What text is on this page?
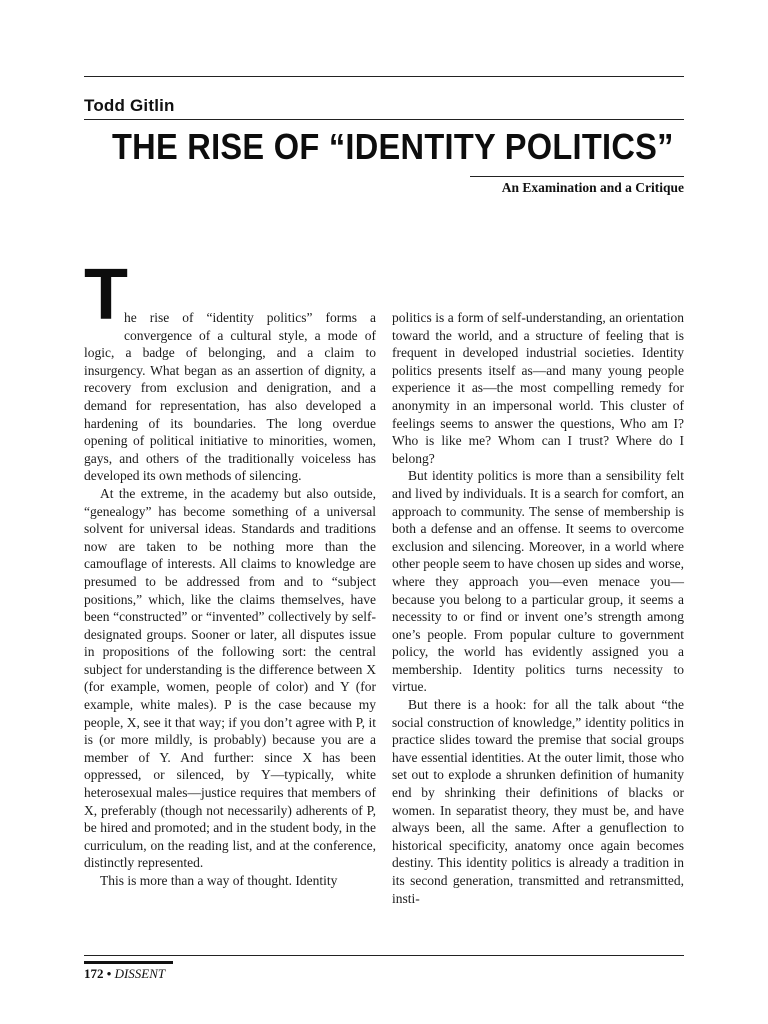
Todd Gitlin
THE RISE OF “IDENTITY POLITICS”
An Examination and a Critique
T

he rise of “identity politics” forms a convergence of a cultural style, a mode of logic, a badge of belonging, and a claim to insurgency. What began as an assertion of dignity, a recovery from exclusion and denigration, and a demand for representation, has also developed a hardening of its boundaries. The long overdue opening of political initiative to minorities, women, gays, and others of the traditionally voiceless has developed its own methods of silencing.

At the extreme, in the academy but also outside, “genealogy” has become something of a universal solvent for universal ideas. Standards and traditions now are taken to be nothing more than the camouflage of interests. All claims to knowledge are presumed to be addressed from and to “subject positions,” which, like the claims themselves, have been “constructed” or “invented” collectively by self-designated groups. Sooner or later, all disputes issue in propositions of the following sort: the central subject for understanding is the difference between X (for example, women, people of color) and Y (for example, white males). P is the case because my people, X, see it that way; if you don’t agree with P, it is (or more mildly, is probably) because you are a member of Y. And further: since X has been oppressed, or silenced, by Y—typically, white heterosexual males—justice requires that members of X, preferably (though not necessarily) adherents of P, be hired and promoted; and in the student body, in the curriculum, on the reading list, and at the conference, distinctly represented.

This is more than a way of thought. Identity

politics is a form of self-understanding, an orientation toward the world, and a structure of feeling that is frequent in developed industrial societies. Identity politics presents itself as—and many young people experience it as—the most compelling remedy for anonymity in an impersonal world. This cluster of feelings seems to answer the questions, Who am I? Who is like me? Whom can I trust? Where do I belong?

But identity politics is more than a sensibility felt and lived by individuals. It is a search for comfort, an approach to community. The sense of membership is both a defense and an offense. It seems to overcome exclusion and silencing. Moreover, in a world where other people seem to have chosen up sides and worse, where they approach you—even menace you—because you belong to a particular group, it seems a necessity to or find or invent one’s strength among one’s people. From popular culture to government policy, the world has evidently assigned you a membership. Identity politics turns necessity to virtue.

But there is a hook: for all the talk about “the social construction of knowledge,” identity politics in practice slides toward the premise that social groups have essential identities. At the outer limit, those who set out to explode a shrunken definition of humanity end by shrinking their definitions of blacks or women. In separatist theory, they must be, and have always been, all the same. After a genuflection to historical specificity, anatomy once again becomes destiny. This identity politics is already a tradition in its second generation, transmitted and retransmitted, insti-

172 • DISSENT
